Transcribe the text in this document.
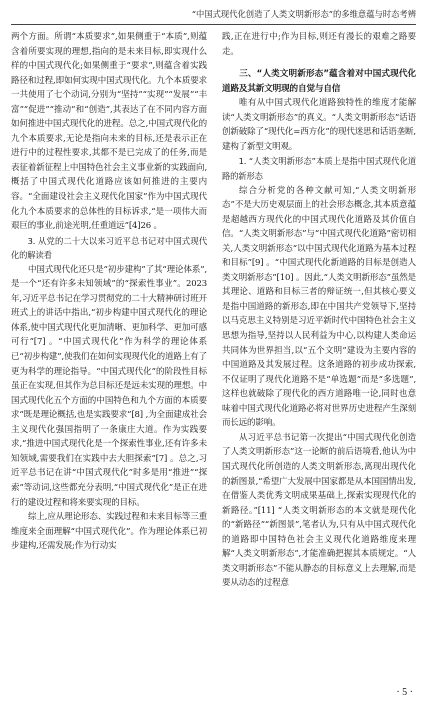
“中国式现代化创造了人类文明新形态”的多维意蕴与时态考辨

两个方面。所谓“本质要求”,如果侧重于“本质”,则蕴含着所要实现的理想,指向的是未来目标,即实现什么样的中国式现代化;如果侧重于“要求”,则蕴含着实践路径和过程,即如何实现中国式现代化。九个本质要求一共使用了七个动词,分别为“坚持”“实现”“发展”“丰富”“促进”“推动”和“创造”,其表达了在不同内容方面如何推进中国式现代化的进程。总之,中国式现代化的九个本质要求,无论是指向未来的目标,还是表示正在进行中的过程性要求,其都不是已完成了的任务,而是表征着新征程上中国特色社会主义事业新的实践面向,概括了中国式现代化道路应该如何推进的主要内容。“全面建设社会主义现代化国家”作为中国式现代化九个本质要求的总体性的目标诉求,“是一项伟大而艰巨的事业,前途光明,任重道远”[4]26 。

3. 从党的二十大以来习近平总书记对中国式现代化的解读看

中国式现代化还只是“初步建构”了其“理论体系”,是一个“还有许多未知领域”的“探索性事业”。2023 年,习近平总书记在学习贯彻党的二十大精神研讨班开班式上的讲话中指出,“初步构建中国式现代化的理论体系,使中国式现代化更加清晰、更加科学、更加可感可行”[7] 。“中国式现代化”作为科学的理论体系已“初步构建”,使我们在如何实现现代化的道路上有了更为科学的理论指导。“中国式现代化”的阶段性目标虽正在实现,但其作为总目标还是远未实现的理想。中国式现代化五个方面的中国特色和九个方面的本质要求“既是理论概括,也是实践要求”[8] ,为全面建成社会主义现代化强国指明了一条康庄大道。作为实践要求,“推进中国式现代化是一个探索性事业,还有许多未知领域,需要我们在实践中去大胆探索”[7] 。总之,习近平总书记在讲“中国式现代化”时多是用“推进”“探索”等动词,这些都充分表明,“中国式现代化”是正在进行的建设过程和将来要实现的目标。

综上,应从理论形态、实践过程和未来目标等三重维度来全面理解“中国式现代化”。作为理论体系已初步建构,还需发展;作为行动实

践,正在进行中;作为目标,则还有漫长的艰难之路要走。

三、“人类文明新形态”蕴含着对中国式现代化道路及其新文明现的自觉与自信

唯有从中国式现代化道路独特性的维度才能解读“人类文明新形态”的真义。“人类文明新形态”话语创新破除了“现代化=西方化”的现代迷思和话语垄断,建构了新型文明观。

1. “人类文明新形态”本质上是指中国式现代化道路的新形态

综合分析党的各种文献可知,“人类文明新形态”不是大历史观层面上的社会形态概念,其本质意蕴是超越西方现代化的中国式现代化道路及其价值自信。“人类文明新形态”与“中国式现代化道路”密切相关,人类文明新形态“以中国式现代化道路为基本过程和目标”[9] 。“中国式现代化新道路的目标是创造人类文明新形态”[10] 。因此,“人类文明新形态”虽然是其理论、道路和目标三者的辩证统一,但其核心要义是指中国道路的新形态,即在中国共产党领导下,坚持以马克思主义特别是习近平新时代中国特色社会主义思想为指导,坚持以人民利益为中心,以构建人类命运共同体为世界担当,以“五个文明”建设为主要内容的中国道路及其发展过程。这条道路的初步成功探索,不仅证明了现代化道路不是“单选题”而是“多选题”,这样也就破除了现代化的西方道路唯一论,同时也意味着中国式现代化道路必将对世界历史进程产生深刻而长远的影响。

从习近平总书记第一次提出“中国式现代化创造了人类文明新形态”这一论断的前后语境看,他认为中国式现代化所创造的人类文明新形态,离现出现代化的新图景,“希望广大发展中国家都是从本国国情出发,在借鉴人类优秀文明成果基础上,探索实现现代化的新路径。”[11] “人类文明新形态的本文就是现代化的“新路径”“新图景”,笔者认为,只有从中国式现代化的道路即中国特色社会主义现代化道路维度来理解“人类文明新形态”,才能准确把握其本质规定。“人类文明新形态”不能从静态的目标意义上去理解,而是要从动态的过程意

· 5 ·
